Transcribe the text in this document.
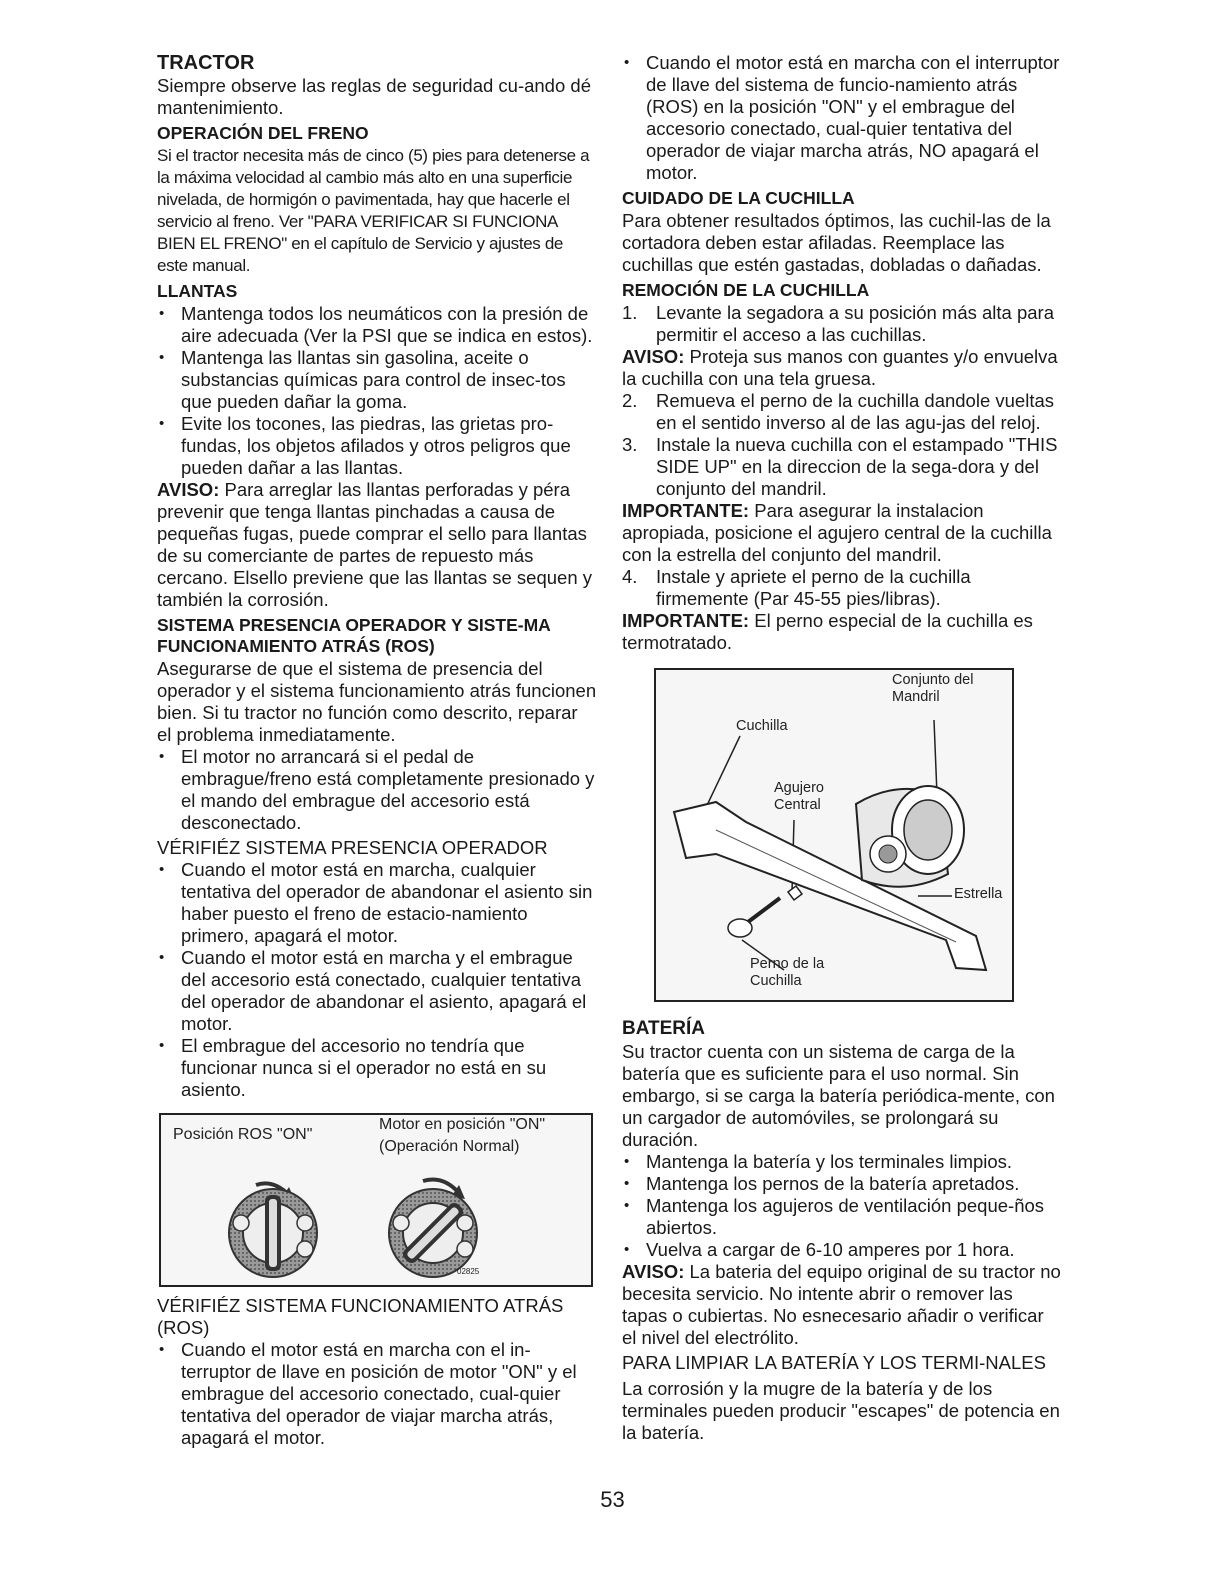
TRACTOR

Siempre observe las reglas de seguridad cu-ando dé mantenimiento.

OPERACIÓN DEL FRENO

Si el tractor necesita más de cinco (5) pies para detenerse a la máxima velocidad al cambio más alto en una superficie nivelada, de hormigón o pavimentada, hay que hacerle el servicio al freno. Ver "PARA VERIFICAR SI FUNCIONA BIEN EL FRENO" en el capítulo de Servicio y ajustes de este manual.

LLANTAS
• Mantenga todos los neumáticos con la presión de aire adecuada (Ver la PSI que se indica en estos).
• Mantenga las llantas sin gasolina, aceite o substancias químicas para control de insec-tos que pueden dañar la goma.
• Evite los tocones, las piedras, las grietas pro-fundas, los objetos afilados y otros peligros que pueden dañar a las llantas.

AVISO: Para arreglar las llantas perforadas y péra prevenir que tenga llantas pinchadas a causa de pequeñas fugas, puede comprar el sello para llantas de su comerciante de partes de repuesto más cercano. Elsello previene que las llantas se sequen y también la corrosión.

SISTEMA PRESENCIA OPERADOR Y SISTE-MA FUNCIONAMIENTO ATRÁS (ROS)

Asegurarse de que el sistema de presencia del operador y el sistema funcionamiento atrás funcionen bien. Si tu tractor no función como descrito, reparar el problema inmediatamente.

• El motor no arrancará si el pedal de embrague/freno está completamente presionado y el mando del embrague del accesorio está desconectado.
VÉRIFIÉZ SISTEMA PRESENCIA OPERADOR
• Cuando el motor está en marcha, cualquier tentativa del operador de abandonar el asiento sin haber puesto el freno de estacio-namiento primero, apagará el motor.
• Cuando el motor está en marcha y el embrague del accesorio está conectado, cualquier tentativa del operador de abandonar el asiento, apagará el motor.
• El embrague del accesorio no tendría que funcionar nunca si el operador no está en su asiento.
Posición ROS "ON"
Motor en posición "ON"
(Operación Normal)
02825
VÉRIFIÉZ SISTEMA FUNCIONAMIENTO ATRÁS (ROS)
• Cuando el motor está en marcha con el in-terruptor de llave en posición de motor "ON" y el embrague del accesorio conectado, cual-quier tentativa del operador de viajar marcha atrás, apagará el motor.
• Cuando el motor está en marcha con el interruptor de llave del sistema de funcio-namiento atrás (ROS) en la posición "ON" y el embrague del accesorio conectado, cual-quier tentativa del operador de viajar marcha atrás, NO apagará el motor.
CUIDADO DE LA CUCHILLA

Para obtener resultados óptimos, las cuchil-las de la cortadora deben estar afiladas. Reemplace las cuchillas que estén gastadas, dobladas o dañadas.

REMOCIÓN DE LA CUCHILLA
1. Levante la segadora a su posición más alta para permitir el acceso a las cuchillas.

AVISO: Proteja sus manos con guantes y/o envuelva la cuchilla con una tela gruesa.

2. Remueva el perno de la cuchilla dandole vueltas en el sentido inverso al de las agu-jas del reloj.
3. Instale la nueva cuchilla con el estampado "THIS SIDE UP" en la direccion de la sega-dora y del conjunto del mandril.

IMPORTANTE: Para asegurar la instalacion apropiada, posicione el agujero central de la cuchilla con la estrella del conjunto del mandril.

4. Instale y apriete el perno de la cuchilla firmemente (Par 45-55 pies/libras).

IMPORTANTE: El perno especial de la cuchilla es termotratado.

Conjunto del
Mandril
Cuchilla
Agujero
Central
Estrella
Perno de la
Cuchilla
BATERÍA

Su tractor cuenta con un sistema de carga de la batería que es suficiente para el uso normal. Sin embargo, si se carga la batería periódica-mente, con un cargador de automóviles, se prolongará su duración.

• Mantenga la batería y los terminales limpios.
• Mantenga los pernos de la batería apretados.
• Mantenga los agujeros de ventilación peque-ños abiertos.
• Vuelva a cargar de 6-10 amperes por 1 hora.

AVISO: La bateria del equipo original de su tractor no becesita servicio. No intente abrir o remover las tapas o cubiertas. No esnecesario añadir o verificar el nivel del electrólito.

PARA LIMPIAR LA BATERÍA Y LOS TERMI-NALES

La corrosión y la mugre de la batería y de los terminales pueden producir "escapes" de potencia en la batería.

53
